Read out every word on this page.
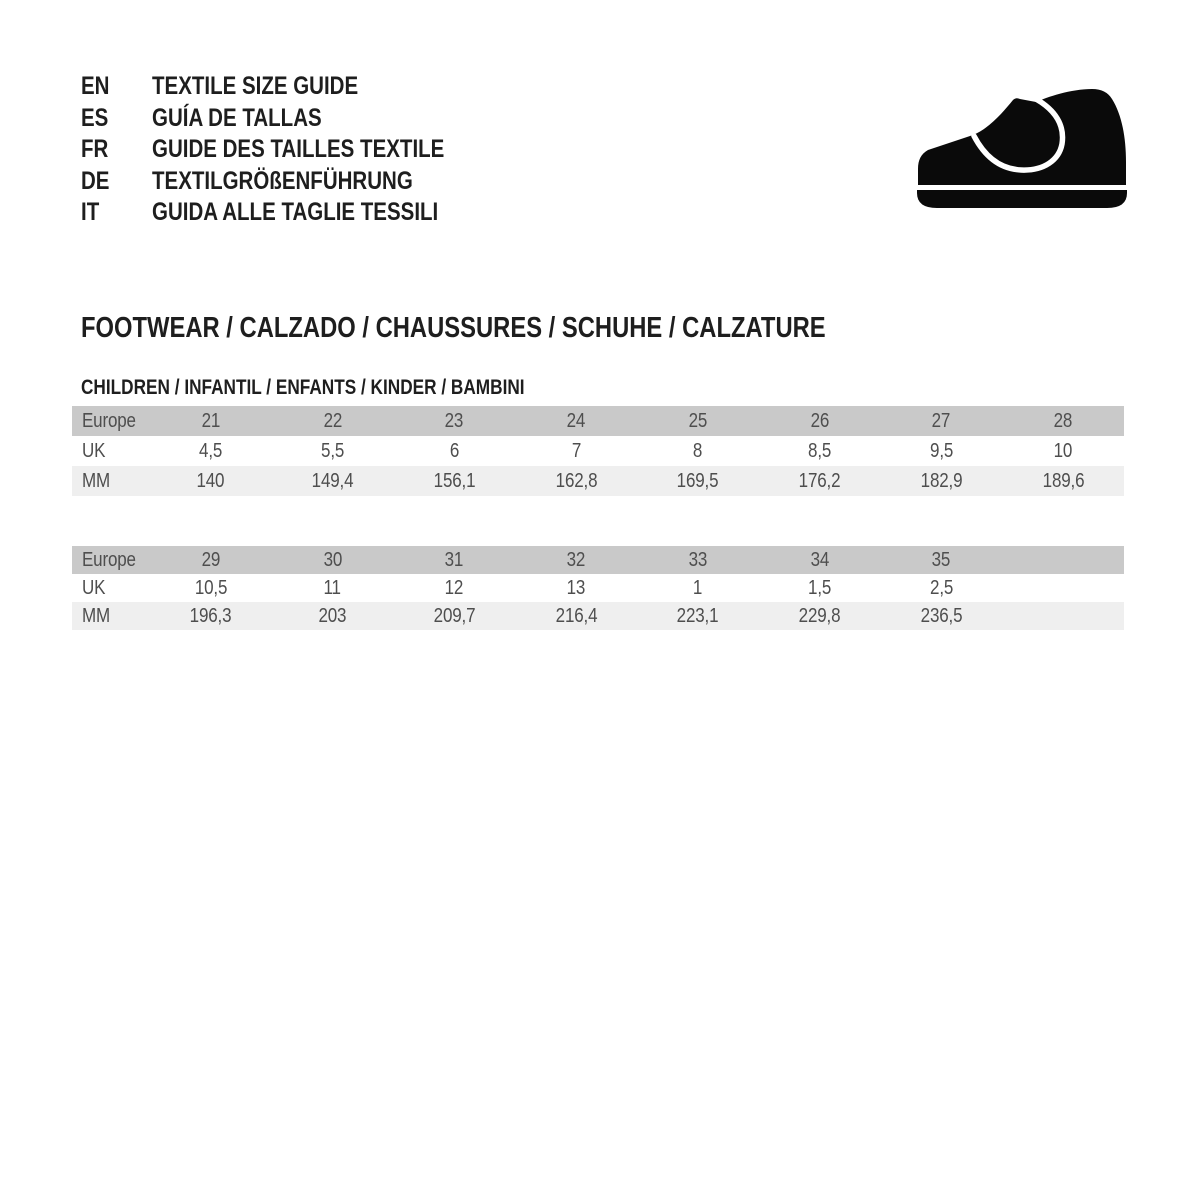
EN TEXTILE SIZE GUIDE
ES GUÍA DE TALLAS
FR GUIDE DES TAILLES TEXTILE
DE TEXTILGRÖßENFÜHRUNG
IT GUIDA ALLE TAGLIE TESSILI
FOOTWEAR / CALZADO / CHAUSSURES / SCHUHE / CALZATURE
CHILDREN / INFANTIL / ENFANTS / KINDER / BAMBINI
Europe	21	22	23	24	25	26	27	28
UK	4,5	5,5	6	7	8	8,5	9,5	10
MM	140	149,4	156,1	162,8	169,5	176,2	182,9	189,6
Europe	29	30	31	32	33	34	35	
UK	10,5	11	12	13	1	1,5	2,5	
MM	196,3	203	209,7	216,4	223,1	229,8	236,5	
